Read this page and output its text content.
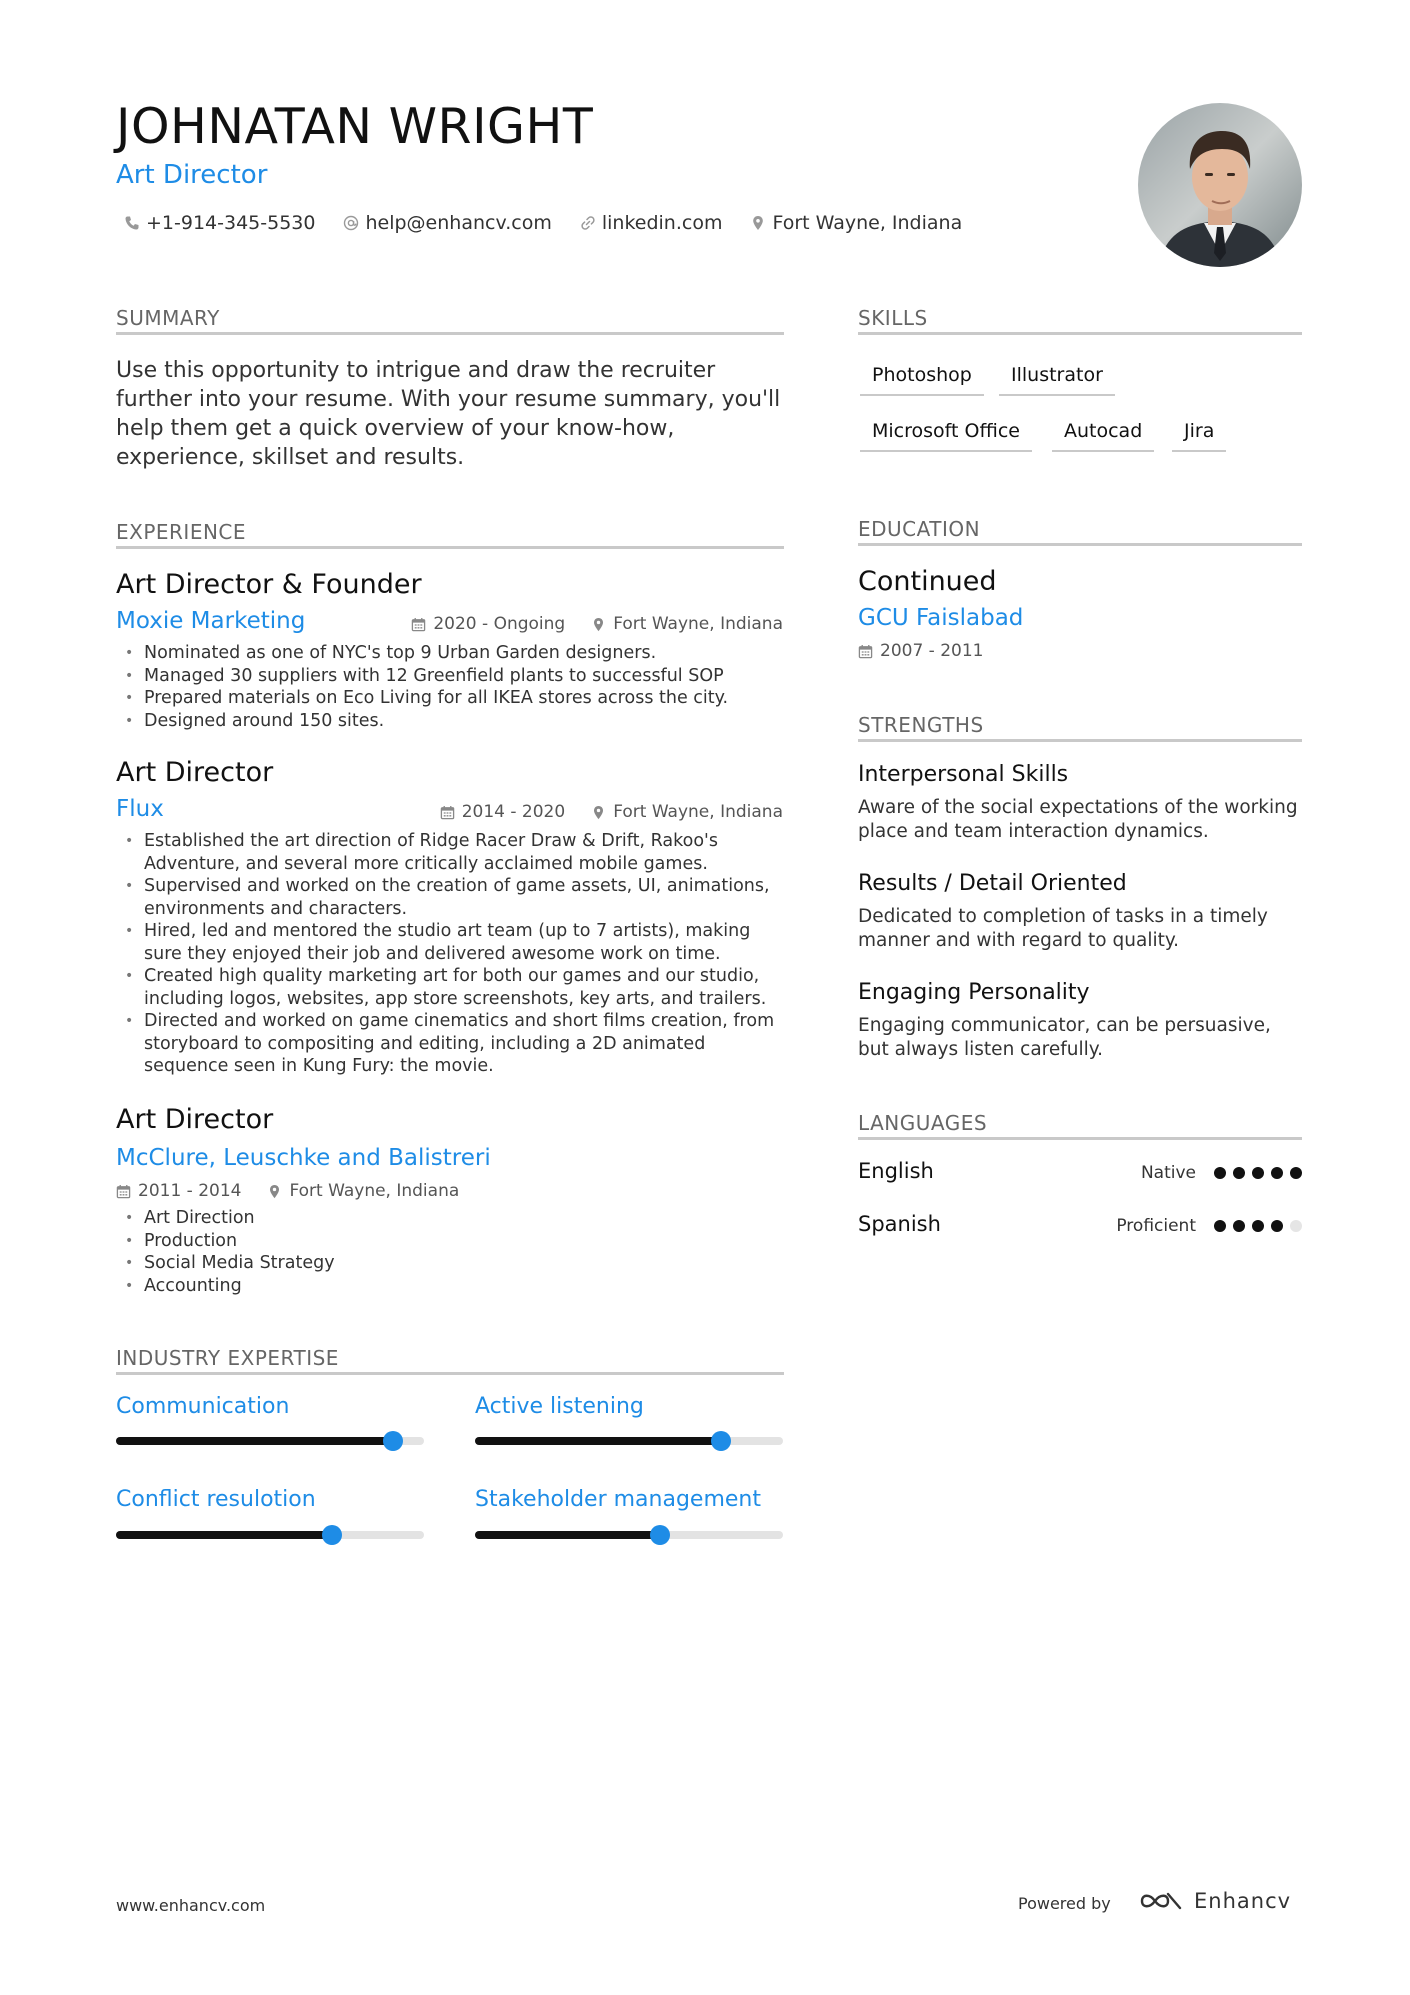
JOHNATAN WRIGHT
Art Director
+1-914-345-5530	help@enhancv.com	linkedin.com	Fort Wayne, Indiana
SUMMARY
Use this opportunity to intrigue and draw the recruiter further into your resume. With your resume summary, you'll help them get a quick overview of your know-how, experience, skillset and results.
EXPERIENCE
Art Director & Founder
Moxie Marketing	2020 - Ongoing	Fort Wayne, Indiana
• Nominated as one of NYC's top 9 Urban Garden designers.
• Managed 30 suppliers with 12 Greenfield plants to successful SOP
• Prepared materials on Eco Living for all IKEA stores across the city.
• Designed around 150 sites.
Art Director
Flux	2014 - 2020	Fort Wayne, Indiana
• Established the art direction of Ridge Racer Draw & Drift, Rakoo's Adventure, and several more critically acclaimed mobile games.
• Supervised and worked on the creation of game assets, UI, animations, environments and characters.
• Hired, led and mentored the studio art team (up to 7 artists), making sure they enjoyed their job and delivered awesome work on time.
• Created high quality marketing art for both our games and our studio, including logos, websites, app store screenshots, key arts, and trailers.
• Directed and worked on game cinematics and short films creation, from storyboard to compositing and editing, including a 2D animated sequence seen in Kung Fury: the movie.
Art Director
McClure, Leuschke and Balistreri
2011 - 2014	Fort Wayne, Indiana
• Art Direction
• Production
• Social Media Strategy
• Accounting
INDUSTRY EXPERTISE
Communication	Active listening
Conflict resulotion	Stakeholder management
SKILLS
Photoshop	Illustrator
Microsoft Office	Autocad	Jira
EDUCATION
Continued
GCU Faislabad
2007 - 2011
STRENGTHS
Interpersonal Skills
Aware of the social expectations of the working place and team interaction dynamics.
Results / Detail Oriented
Dedicated to completion of tasks in a timely manner and with regard to quality.
Engaging Personality
Engaging communicator, can be persuasive, but always listen carefully.
LANGUAGES
English	Native
Spanish	Proficient
www.enhancv.com	Powered by	Enhancv
